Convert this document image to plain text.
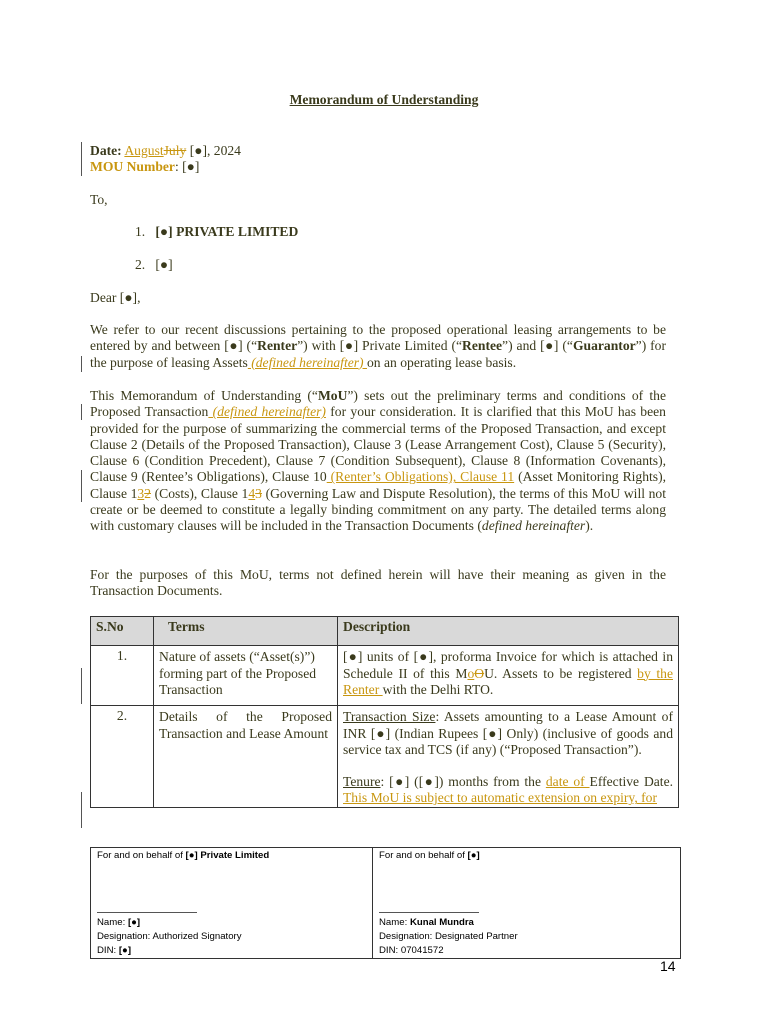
Memorandum of Understanding
Date: AugustJuly [●], 2024
MOU Number: [●]
To,
1. [●] PRIVATE LIMITED
2. [●]
Dear [●],
We refer to our recent discussions pertaining to the proposed operational leasing arrangements to be entered by and between [●] (“Renter”) with [●] Private Limited (“Rentee”) and [●] (“Guarantor”) for the purpose of leasing Assets (defined hereinafter) on an operating lease basis.
This Memorandum of Understanding (“MoU”) sets out the preliminary terms and conditions of the Proposed Transaction (defined hereinafter) for your consideration. It is clarified that this MoU has been provided for the purpose of summarizing the commercial terms of the Proposed Transaction, and except Clause 2 (Details of the Proposed Transaction), Clause 3 (Lease Arrangement Cost), Clause 5 (Security), Clause 6 (Condition Precedent), Clause 7 (Condition Subsequent), Clause 8 (Information Covenants), Clause 9 (Rentee’s Obligations), Clause 10 (Renter’s Obligations), Clause 11 (Asset Monitoring Rights), Clause 132 (Costs), Clause 143 (Governing Law and Dispute Resolution), the terms of this MoU will not create or be deemed to constitute a legally binding commitment on any party. The detailed terms along with customary clauses will be included in the Transaction Documents (defined hereinafter).
For the purposes of this MoU, terms not defined herein will have their meaning as given in the Transaction Documents.
S.No	Terms	Description
1.	Nature of assets (“Asset(s)”) forming part of the Proposed Transaction	[●] units of [●], proforma Invoice for which is attached in Schedule II of this MoOU. Assets to be registered by the Renter with the Delhi RTO.
2.	Details of the Proposed Transaction and Lease Amount	Transaction Size: Assets amounting to a Lease Amount of INR [●] (Indian Rupees [●] Only) (inclusive of goods and service tax and TCS (if any) (“Proposed Transaction”).
Tenure: [●] ([●]) months from the date of Effective Date. This MoU is subject to automatic extension on expiry, for
For and on behalf of [●] Private Limited
Name: [●]
Designation: Authorized Signatory
DIN: [●]
For and on behalf of [●]
Name: Kunal Mundra
Designation: Designated Partner
DIN: 07041572
14
